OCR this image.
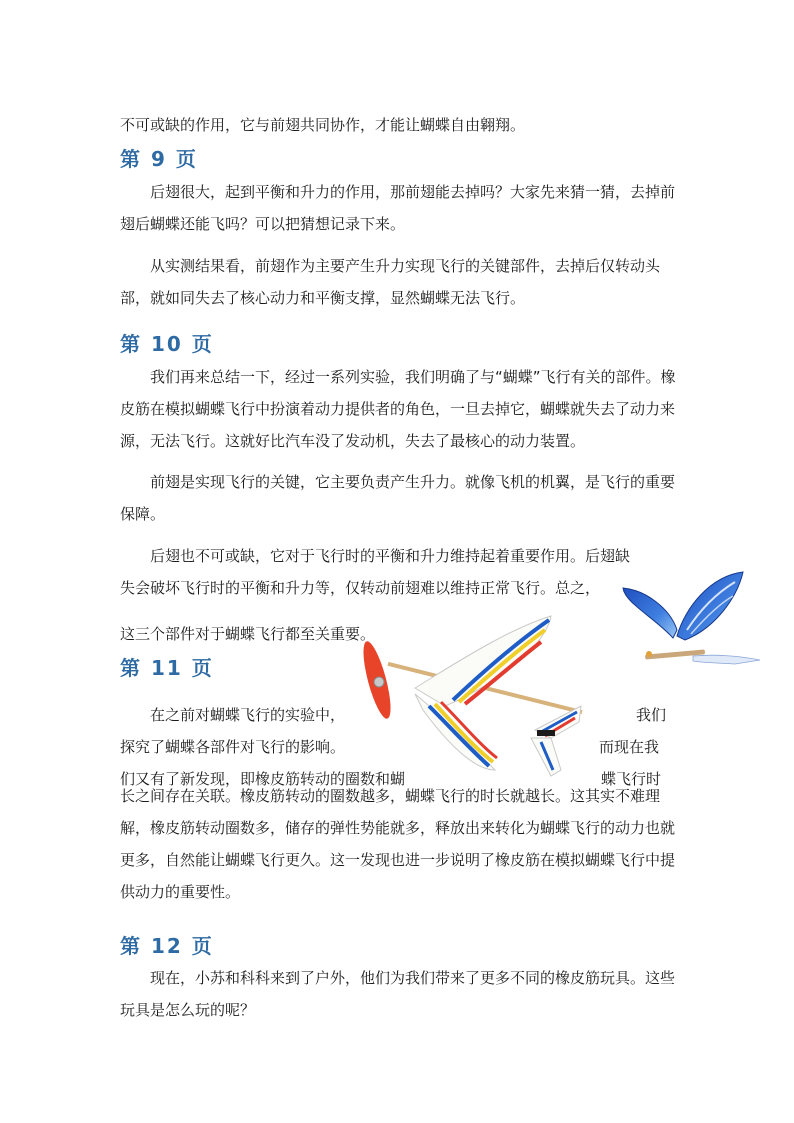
不可或缺的作用，它与前翅共同协作，才能让蝴蝶自由翱翔。

第 9 页

后翅很大，起到平衡和升力的作用，那前翅能去掉吗？大家先来猜一猜，去掉前翅后蝴蝶还能飞吗？可以把猜想记录下来。

从实测结果看，前翅作为主要产生升力实现飞行的关键部件，去掉后仅转动头部，就如同失去了核心动力和平衡支撑，显然蝴蝶无法飞行。

第 10 页

我们再来总结一下，经过一系列实验，我们明确了与“蝴蝶”飞行有关的部件。橡皮筋在模拟蝴蝶飞行中扮演着动力提供者的角色，一旦去掉它，蝴蝶就失去了动力来源，无法飞行。这就好比汽车没了发动机，失去了最核心的动力装置。

前翅是实现飞行的关键，它主要负责产生升力。就像飞机的机翼，是飞行的重要保障。

后翅也不可或缺，它对于飞行时的平衡和升力维持起着重要作用。后翅缺失会破坏飞行时的平衡和升力等，仅转动前翅难以维持正常飞行。总之，

这三个部件对于蝴蝶飞行都至关重要。

第 11 页

在之前对蝴蝶飞行的实验中，	我们

探究了蝴蝶各部件对飞行的影响。	而现在我

们又有了新发现，即橡皮筋转动的圈数和蝴	蝶飞行时

长之间存在关联。橡皮筋转动的圈数越多，蝴蝶飞行的时长就越长。这其实不难理解，橡皮筋转动圈数多，储存的弹性势能就多，释放出来转化为蝴蝶飞行的动力也就更多，自然能让蝴蝶飞行更久。这一发现也进一步说明了橡皮筋在模拟蝴蝶飞行中提供动力的重要性。

第 12 页

现在，小苏和科科来到了户外，他们为我们带来了更多不同的橡皮筋玩具。这些玩具是怎么玩的呢？
